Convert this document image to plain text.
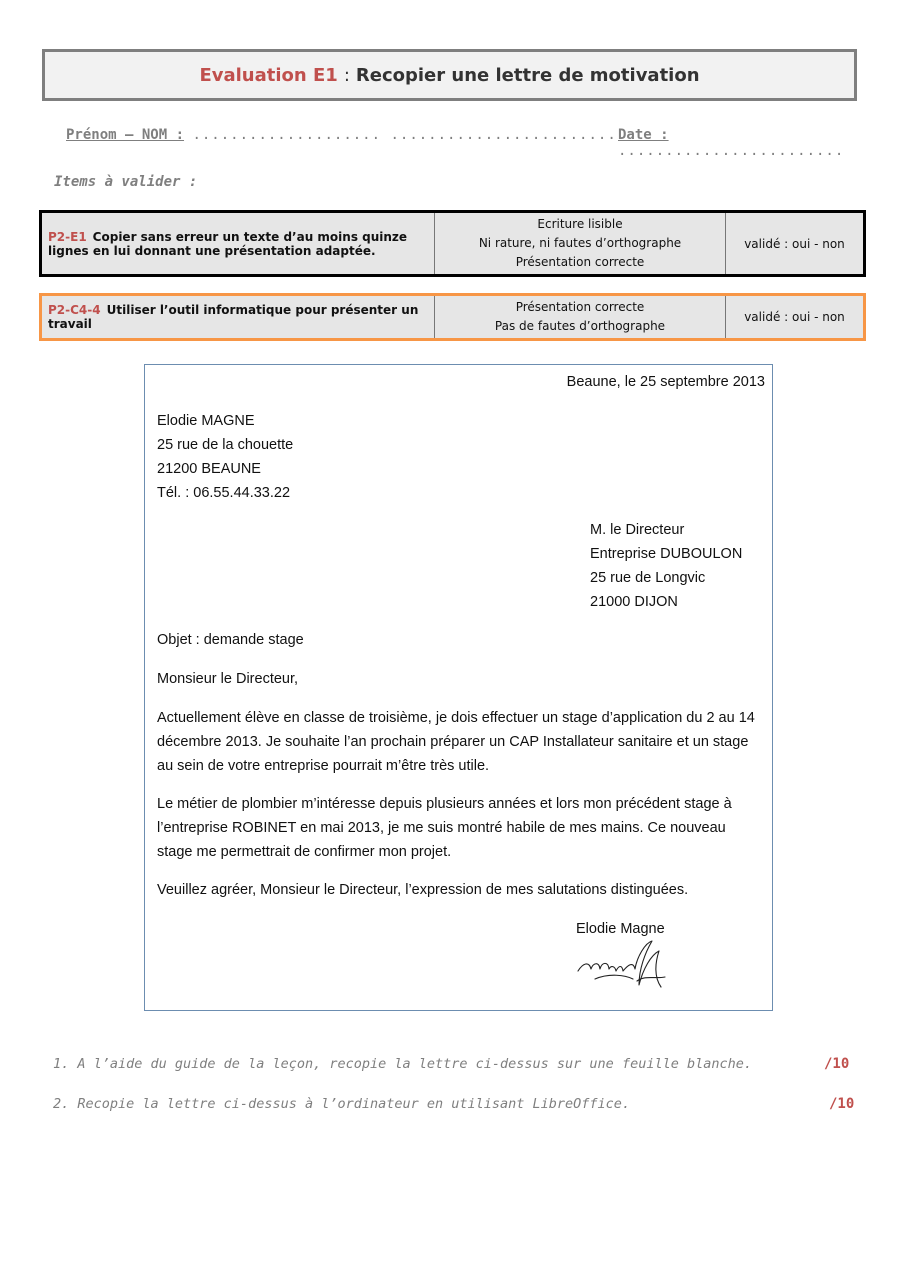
Evaluation E1 : Recopier une lettre de motivation
Prénom – NOM : .................... ........................ Date : ........................
Items à valider :
P2-E1 Copier sans erreur un texte d’au moins quinze lignes en lui donnant une présentation adaptée.	
Ecriture lisible
Ni rature, ni fautes d’orthographe
Présentation correcte
	validé : oui - non
P2-C4-4 Utiliser l’outil informatique pour présenter un travail	
Présentation correcte
Pas de fautes d’orthographe
	validé : oui - non
Beaune, le 25 septembre 2013
Elodie MAGNE
25 rue de la chouette
21200 BEAUNE
Tél. : 06.55.44.33.22
M. le Directeur
Entreprise DUBOULON
25 rue de Longvic
21000 DIJON
Objet : demande stage
Monsieur le Directeur,
Actuellement élève en classe de troisième, je dois effectuer un stage d’application du 2 au 14 décembre 2013. Je souhaite l’an prochain préparer un CAP Installateur sanitaire et un stage au sein de votre entreprise pourrait m’être très utile.
Le métier de plombier m’intéresse depuis plusieurs années et lors mon précédent stage à l’entreprise ROBINET en mai 2013, je me suis montré habile de mes mains. Ce nouveau stage me permettrait de confirmer mon projet.
Veuillez agréer, Monsieur le Directeur, l’expression de mes salutations distinguées.
Elodie Magne
1. A l’aide du guide de la leçon, recopie la lettre ci-dessus sur une feuille blanche.	/10
2. Recopie la lettre ci-dessus à l’ordinateur en utilisant LibreOffice.	/10
